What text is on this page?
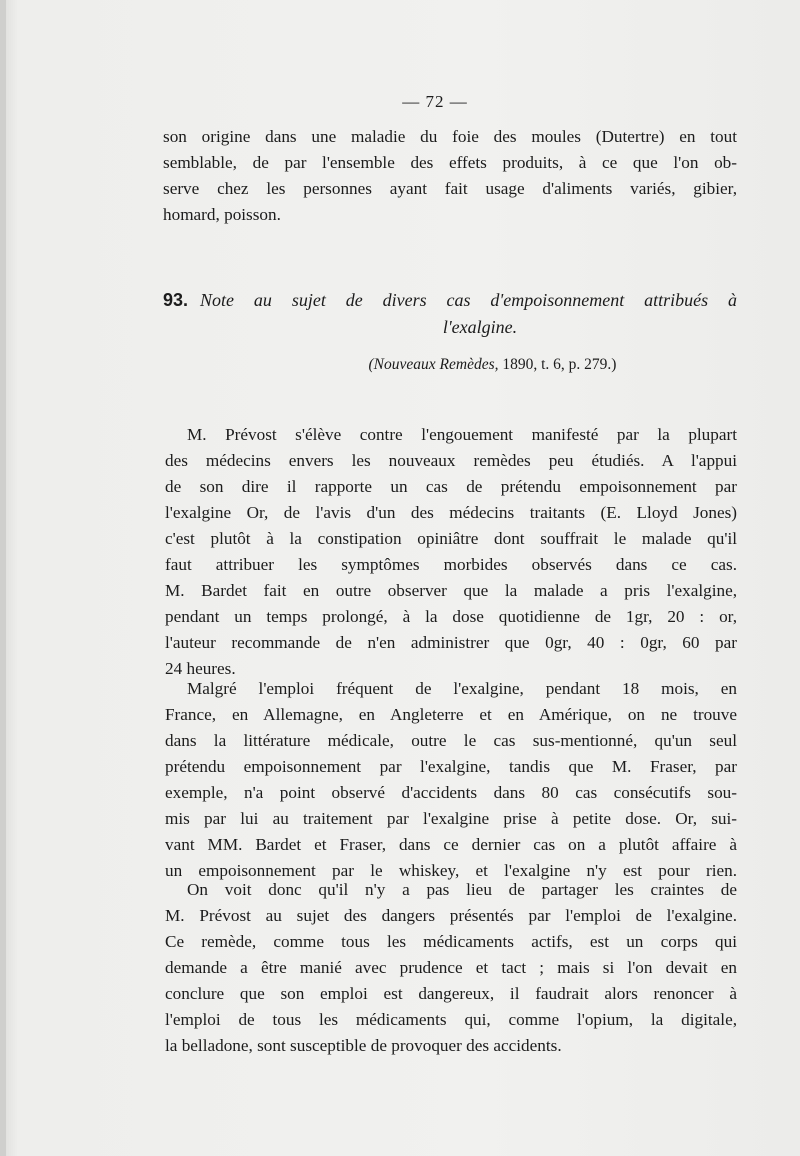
— 72 —
son origine dans une maladie du foie des moules (Dutertre) en tout
semblable, de par l'ensemble des effets produits, à ce que l'on ob-
serve chez les personnes ayant fait usage d'aliments variés, gibier,
homard, poisson.
93. Note au sujet de divers cas d'empoisonnement attribués à
l'exalgine.
(Nouveaux Remèdes, 1890, t. 6, p. 279.)
M. Prévost s'élève contre l'engouement manifesté par la plupart
des médecins envers les nouveaux remèdes peu étudiés. A l'appui
de son dire il rapporte un cas de prétendu empoisonnement par
l'exalgine Or, de l'avis d'un des médecins traitants (E. Lloyd Jones)
c'est plutôt à la constipation opiniâtre dont souffrait le malade qu'il
faut attribuer les symptômes morbides observés dans ce cas.
M. Bardet fait en outre observer que la malade a pris l'exalgine,
pendant un temps prolongé, à la dose quotidienne de 1gr, 20 : or,
l'auteur recommande de n'en administrer que 0gr, 40 : 0gr, 60 par
24 heures.
Malgré l'emploi fréquent de l'exalgine, pendant 18 mois, en
France, en Allemagne, en Angleterre et en Amérique, on ne trouve
dans la littérature médicale, outre le cas sus-mentionné, qu'un seul
prétendu empoisonnement par l'exalgine, tandis que M. Fraser, par
exemple, n'a point observé d'accidents dans 80 cas consécutifs sou-
mis par lui au traitement par l'exalgine prise à petite dose. Or, sui-
vant MM. Bardet et Fraser, dans ce dernier cas on a plutôt affaire à
un empoisonnement par le whiskey, et l'exalgine n'y est pour rien.
On voit donc qu'il n'y a pas lieu de partager les craintes de
M. Prévost au sujet des dangers présentés par l'emploi de l'exalgine.
Ce remède, comme tous les médicaments actifs, est un corps qui
demande a être manié avec prudence et tact ; mais si l'on devait en
conclure que son emploi est dangereux, il faudrait alors renoncer à
l'emploi de tous les médicaments qui, comme l'opium, la digitale,
la belladone, sont susceptible de provoquer des accidents.
